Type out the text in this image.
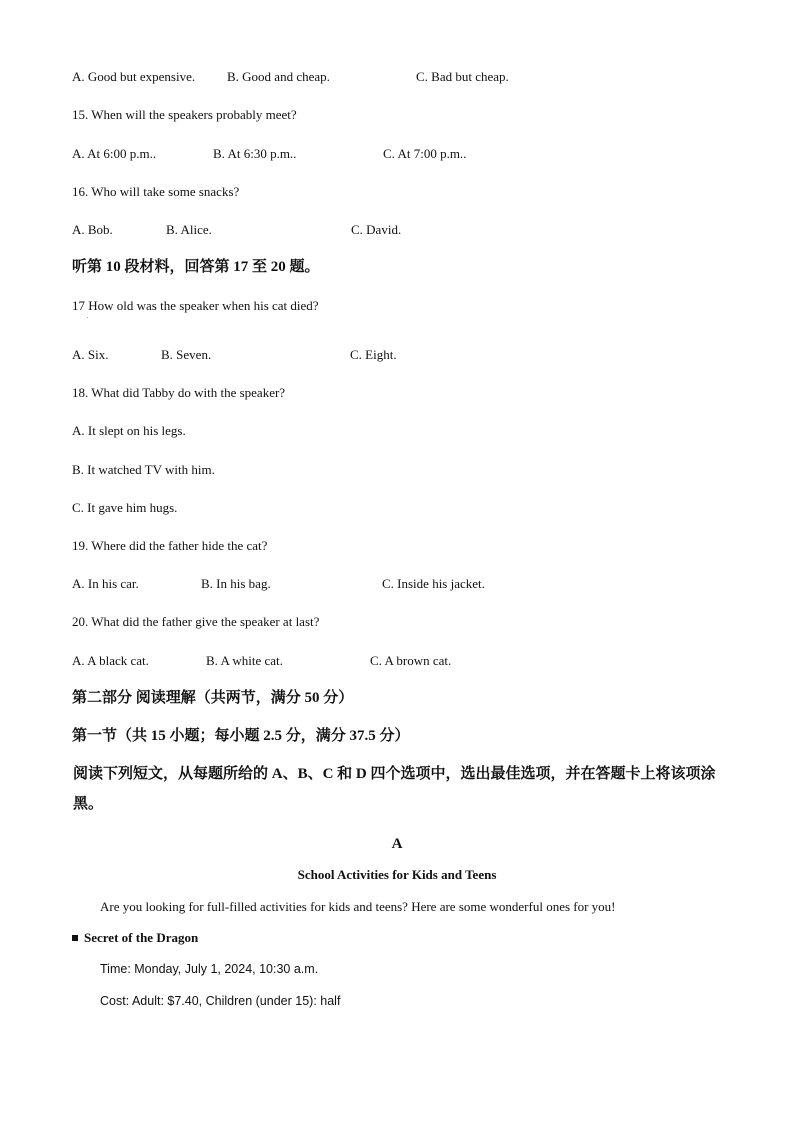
A. Good but expensive. B. Good and cheap.	C. Bad but cheap.
15. When will the speakers probably meet?
A. At 6:00 p.m..	B. At 6:30 p.m..	C. At 7:00 p.m..
16. Who will take some snacks?
A. Bob.	B. Alice.	C. David.
听第 10 段材料，回答第 17 至 20 题。
17 How old was the speaker when his cat died?
.
A. Six.	B. Seven.	C. Eight.
18. What did Tabby do with the speaker?
A. It slept on his legs.
B. It watched TV with him.
C. It gave him hugs.
19. Where did the father hide the cat?
A. In his car.	B. In his bag.	C. Inside his jacket.
20. What did the father give the speaker at last?
A. A black cat.	B. A white cat.	C. A brown cat.
第二部分 阅读理解（共两节，满分 50 分）
第一节（共 15 小题；每小题 2.5 分，满分 37.5 分）
阅读下列短文，从每题所给的 A、B、C 和 D 四个选项中，选出最佳选项，并在答题卡上将该项涂黑。
A
School Activities for Kids and Teens
Are you looking for full-filled activities for kids and teens? Here are some wonderful ones for you!
Secret of the Dragon
Time: Monday, July 1, 2024, 10:30 a.m.
Cost: Adult: $7.40, Children (under 15): half
